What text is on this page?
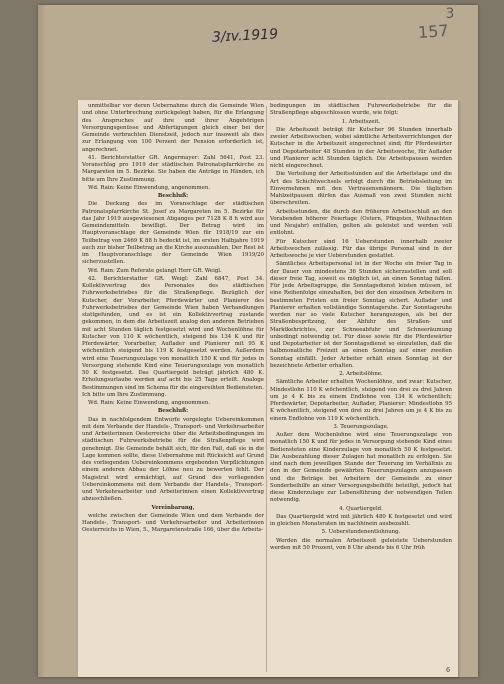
3
3/ɪv.1919	157

unmittelbar vor deren Uebernahme durch die Gemeinde Wien und ohne Unterbrechung zurückgelegt haben, für die Erlangung des Anspruches auf ihre und ihrer Angehörigen Versorgungsgenüsse und Abfertigungen gleich einer bei der Gemeinde verbrachten Dienstzeit, jedoch nur insoweit als dies zur Erlangung von 100 Perzent der Pension erforderlich ist, angerechnet.

41. Berichterstatter GR. Angermayer: Zahl 5641, Post 23. Voranschlag pro 1919 der städtischen Patronatspfarrkirche zu Margareten im 5. Bezirke. Sie haben die Anträge in Händen, ich bitte um Ihre Zustimmung.

Wd. Rain: Keine Einwendung, angenommen.

Beschluß:

Die Deckung des im Voranschlage der städtischen Patronatspfarrkirche St. Josef zu Margareten im 5. Bezirke für das Jahr 1919 ausgewiesenen Abganges per 7128 K 8 h wird aus Gemeindemitteln bewilligt. Der Betrag wird im Hauptvoranschlage der Gemeinde Wien für 1918/19 zur ein Teilbetrag von 2469 K 88 h bedeckt ist, im ersten Halbjahre 1919 auch zur bisher Teilbetrag an die Kirche auszuzahlen. Der Rest ist im Hauptvoranschlage der Gemeinde Wien 1919/20 sicherzustellen.

Wd. Rain: Zum Referate gelangt Herr GR. Weigl.

42. Berichterstatter GR. Weigl: Zahl 6847, Post 34. Kollektivvertrag des Personales des städtischen Fuhrwerksbetriebes für die Straßenpflege. Bezüglich der Kutscher, der Vorarbeiter, Pferdewärter und Planierer des Fuhrwerksbetriebes der Gemeinde Wien haben Verhandlungen stattgefunden, und es ist ein Kollektivvertrag zustande gekommen, in dem die Arbeitszeit analog den anderen Betrieben mit acht Stunden täglich festgesetzt wird und Wochenlöhne für Kutscher von 110 K wöchentlich, steigend bis 134 K und für Pferdewärter, Vorarbeiter, Auflader und Planierer mit 95 K wöchentlich steigend bis 119 K festgesetzt werden. Außerdem wird eine Teuerungszulage von monatlich 150 K und für jedes in Versorgung stehende Kind eine Teuerungszulage von monatlich 50 K festgesetzt. Das Quartiergeld beträgt jährlich 480 K. Erholungsurlaube werden auf acht bis 25 Tage erteilt. Analoge Bestimmungen sind im Schema für die eingereihten Bediensteten. Ich bitte um Ihre Zustimmung.

Wd. Rain: Keine Einwendung, angenommen.

Beschluß:

Das in nachfolgendem Entwurfe vorgelegte Uebereinkommen mit dem Verbande der Handels-, Transport- und Verkehrsarbeiter und Arbeiterinnen Oesterreichs über die Arbeitsbedingungen im städtischen Fuhrwerksbetriebe für die Straßenpflege wird genehmigt. Die Gemeinde behält sich, für den Fall, daß sie in die Lage kommen sollte, diese Uebernahme mit Rücksicht auf Grund des vorliegenden Uebereinkommens ergebenden Verpflichtungen einem anderen Abbau der Löhne neu zu bewerten fehlt. Der Magistrat wird ermächtigt, auf Grund des vorliegenden Uebereinkommens mit dem Verbande der Handels-, Transport- und Verkehrsarbeiter und Arbeiterinnen einen Kollektivvertrag abzuschließen.

Vereinbarung,

welche zwischen der Gemeinde Wien und dem Verbande der Handels-, Transport- und Verkehrsarbeiter und Arbeiterinnen Oesterreichs in Wien, 5., Margaretenstraße 166, über die Arbeits-

bedingungen im städtischen Fuhrwerksbetriebe für die Straßenpflege abgeschlossen wurde, wie folgt:

1. Arbeitszeit.

Die Arbeitszeit beträgt für Kutscher 96 Stunden innerhalb zweier Arbeitswochen, wobei sämtliche Arbeitsverrichtungen der Kutscher in die Arbeitszeit eingerechnet sind; für Pferdewärter und Depotarbeiter 48 Stunden in der Arbeitswoche, für Auflader und Planierer acht Stunden täglich. Die Arbeitspausen werden nicht eingerechnet.

Die Verteilung der Arbeitsstunden auf die Arbeitstage und die Art des Schichtwechsels erfolgt durch die Betriebsleitung im Einvernehmen mit den Vertrauensmännern. Die täglichen Mahlzeitpausen dürfen das Ausmaß von zwei Stunden nicht überschreiten.

Arbeitsstunden, die durch den früheren Arbeitsschluß an den Vorabenden höherer Feiertage (Ostern, Pfingsten, Weihnachten und Neujahr) entfallen, gelten als geleistet und werden voll entlohnt.

Für Kutscher sind 16 Ueberstunden innerhalb zweier Arbeitswochen zulässig. Für das übrige Personal sind in der Arbeitswoche je vier Ueberstunden gestattet.

Sämtliches Arbeitspersonal ist in der Woche ein freier Tag in der Dauer von mindestens 36 Stunden sicherzustellen und soll dieser freie Tag, soweit es möglich ist, an einen Sonntag fallen. Für jede Arbeitsgruppe, die Sonntagsdienst leisten müssen, ist eine Reihenfolge einzuhalten, bei der den einzelnen Arbeitern in bestimmten Fristen ein freier Sonntag sichert. Auflader und Planierer erhalten vollständige Sonntagsruhe. Zur Sonntagsruhe werden nur so viele Kutscher herangezogen, als bei der Straßenbespritzung, der Abfuhr des Straßen- und Marktkehrichtes, zur Schneeabfuhr und Schneeräumung unbedingt notwendig ist. Für diese sowie für die Pferdewärter und Depotarbeiter ist der Sonntagsdienst so einzuteilen, daß die halbmonatliche Freizeit an einen Sonntag auf einer zweiten Sonntag einfällt. Jeder Arbeiter erhält einen Sonntag ist der bezeichnete Arbeiter erhalten.

2. Arbeitslöhne.

Sämtliche Arbeiter erhalten Wochenlöhne, und zwar: Kutscher, Mindestlohn 110 K wöchentlich, steigend von drei zu drei Jahren um je 4 K bis zu einem Endlohne von 134 K wöchentlich; Pferdewärter, Depotarbeiter, Auflader, Planierer: Mindestlohn 95 K wöchentlich, steigend von drei zu drei Jahren um je 4 K bis zu einem Endlohne von 119 K wöchentlich.

3. Teuerungszulage.

Außer dem Wochenlohne wird eine Teuerungszulage von monatlich 150 K und für jedes in Versorgung stehende Kind eines Bediensteten eine Kinderzulage von monatlich 50 K festgesetzt. Die Ausbezahlung dieser Zulagen hat monatlich zu erfolgen. Sie sind nach dem jeweiligen Stande der Teuerung im Verhältnis zu den in der Gemeinde gewährten Teuerungszulagen anzupassen und die Beträge bei Arbeitern der Gemeinde zu einer Sonderbeihilfe an einer Versorgungsbeihilfe beteiligt, jedoch hat diese Kinderzulage zur Lebensführung der notwendigen Teilen notwendig.

4. Quartiergeld.

Das Quartiergeld wird mit jährlich 480 K festgesetzt und wird in gleichen Monatsraten im nachhinein ausbezahlt.

5. Ueberstundenentlohnung.

Werden die normalen Arbeitszeit geleistete Ueberstunden werden mit 50 Prozent, von 8 Uhr abends bis 6 Uhr früh

6
